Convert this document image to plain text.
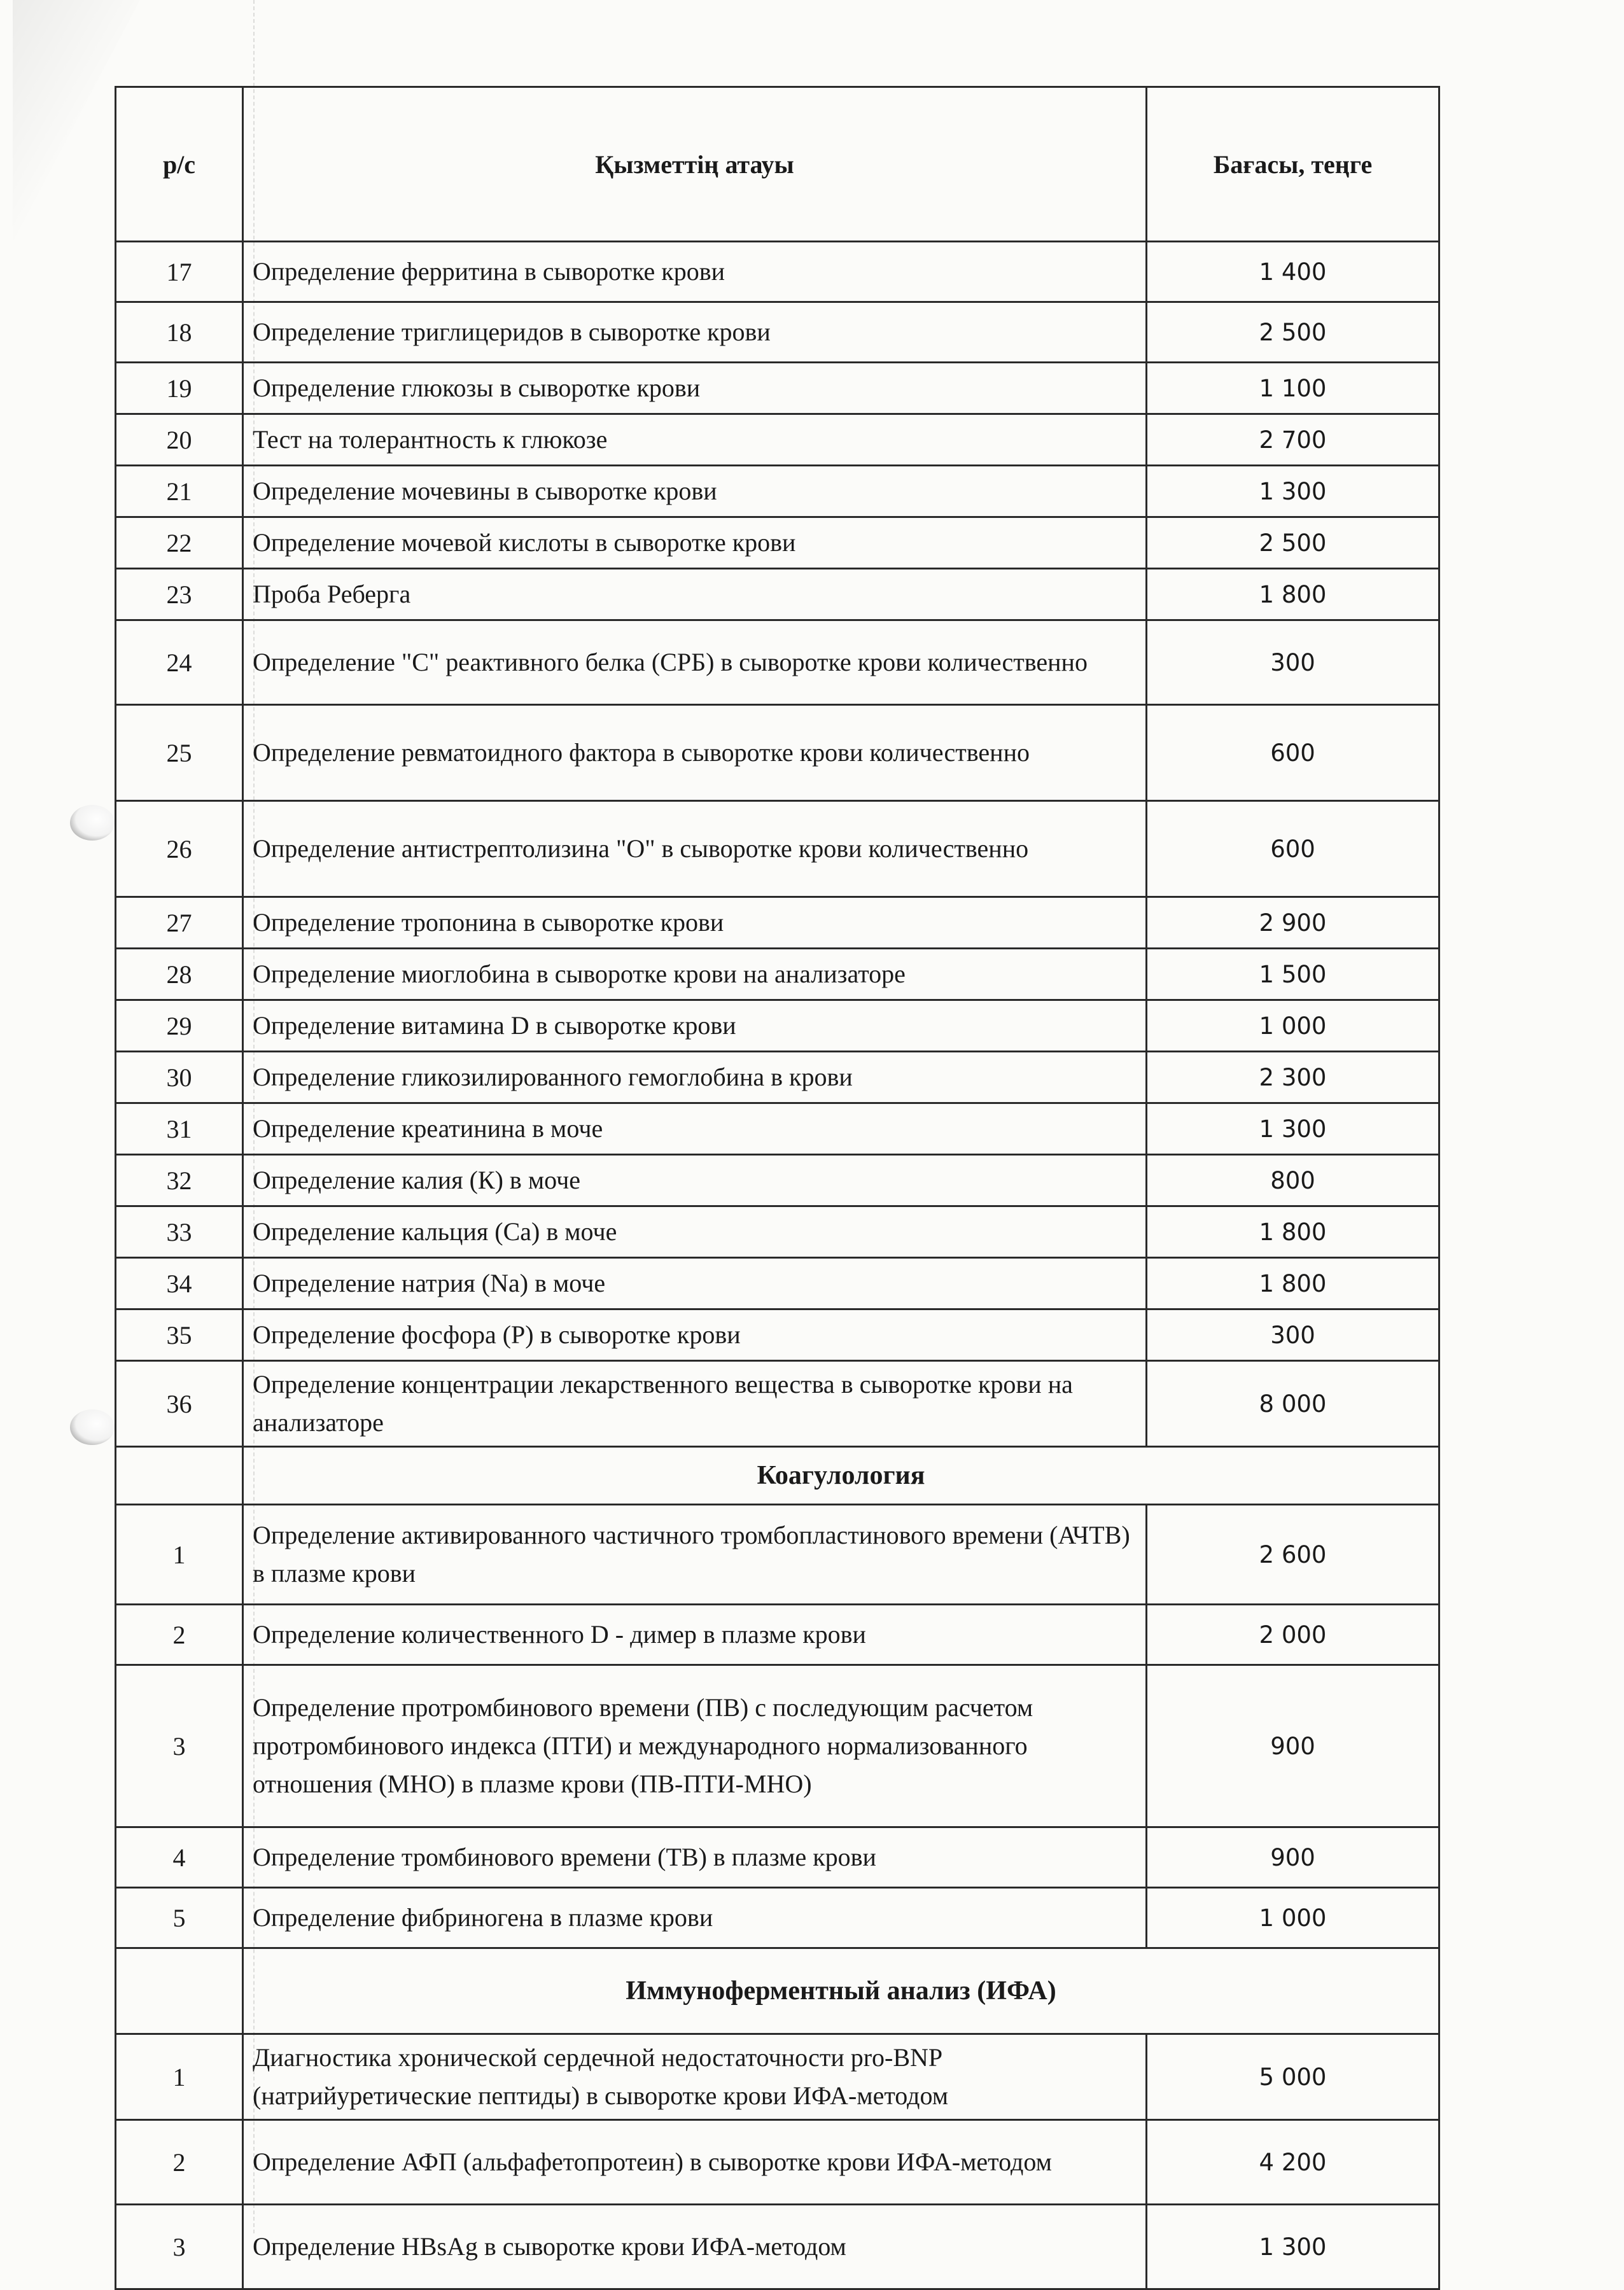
р/с	Қызметтің атауы	Бағасы, теңге
17	Определение ферритина в сыворотке крови	1 400
18	Определение триглицеридов в сыворотке крови	2 500
19	Определение глюкозы в сыворотке крови	1 100
20	Тест на толерантность к глюкозе	2 700
21	Определение мочевины в сыворотке крови	1 300
22	Определение мочевой кислоты в сыворотке крови	2 500
23	Проба Реберга	1 800
24	Определение "С" реактивного белка (СРБ) в сыворотке крови количественно	300
25	Определение ревматоидного фактора в сыворотке крови количественно	600
26	Определение антистрептолизина "О" в сыворотке крови количественно	600
27	Определение тропонина в сыворотке крови	2 900
28	Определение миоглобина в сыворотке крови на анализаторе	1 500
29	Определение витамина D в сыворотке крови	1 000
30	Определение гликозилированного гемоглобина в крови	2 300
31	Определение креатинина в моче	1 300
32	Определение калия (К) в моче	800
33	Определение кальция (Са) в моче	1 800
34	Определение натрия (Na) в моче	1 800
35	Определение фосфора (Р) в сыворотке крови	300
36	Определение концентрации лекарственного вещества в сыворотке крови на анализаторе	8 000
	Коагулология	
1	Определение активированного частичного тромбопластинового времени (АЧТВ) в плазме крови	2 600
2	Определение количественного D - димер в плазме крови	2 000
3	Определение протромбинового времени (ПВ) с последующим расчетом протромбинового индекса (ПТИ) и международного нормализованного отношения (МНО) в плазме крови (ПВ-ПТИ-МНО)	900
4	Определение тромбинового времени (ТВ) в плазме крови	900
5	Определение фибриногена в плазме крови	1 000
	Иммуноферментный анализ (ИФА)	
1	Диагностика хронической сердечной недостаточности pro-BNP (натрийуретические пептиды) в сыворотке крови ИФА-методом	5 000
2	Определение АФП (альфафетопротеин) в сыворотке крови ИФА-методом	4 200
3	Определение HBsAg в сыворотке крови ИФА-методом	1 300
